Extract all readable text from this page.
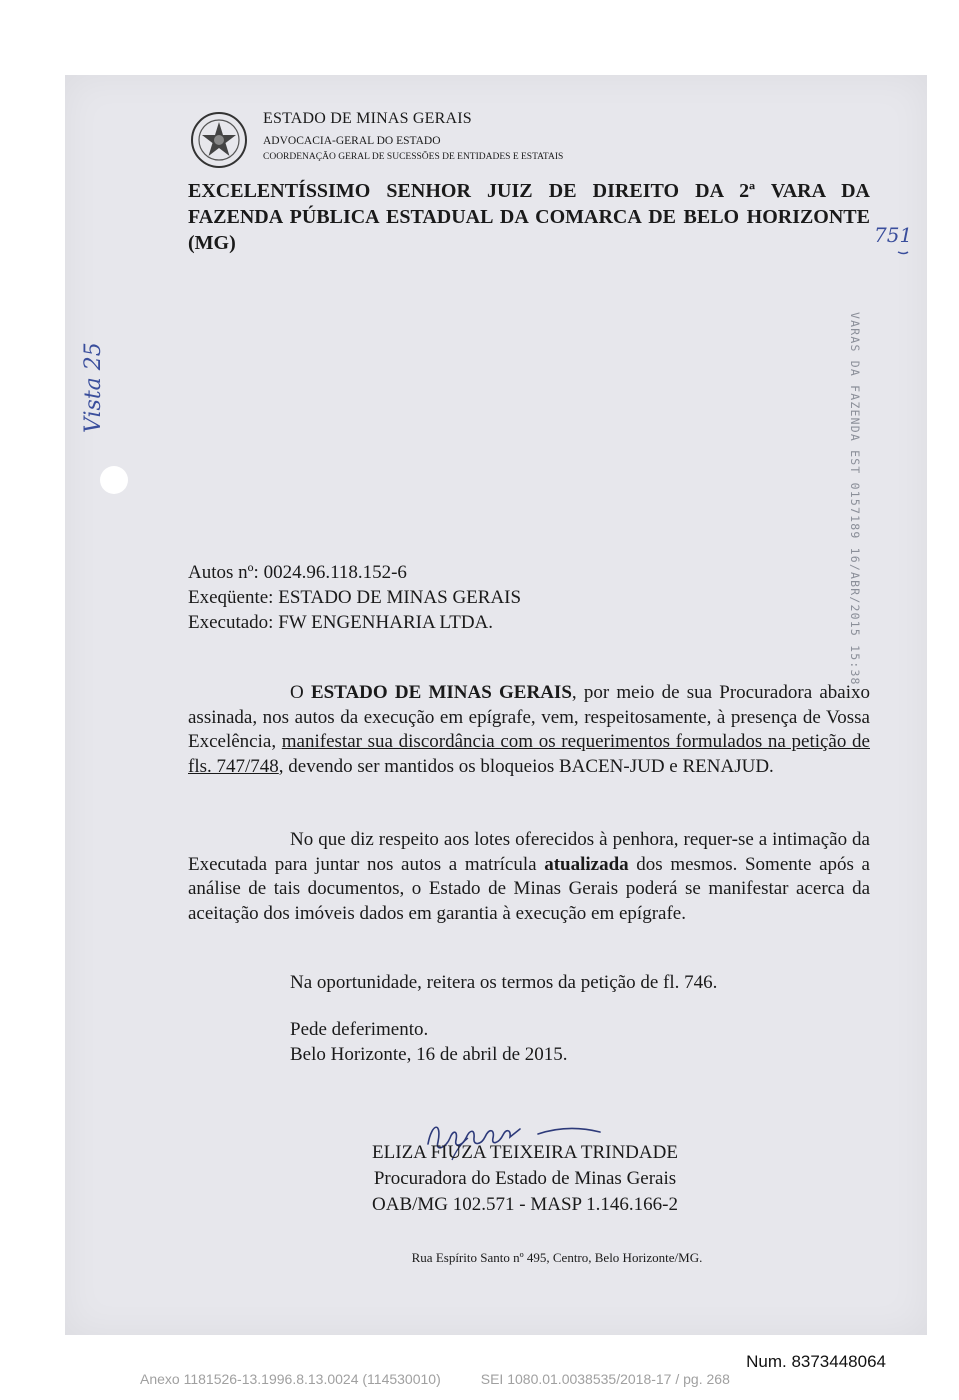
ESTADO DE MINAS GERAIS
ADVOCACIA-GERAL DO ESTADO
COORDENAÇÃO GERAL DE SUCESSÕES DE ENTIDADES E ESTATAIS
EXCELENTÍSSIMO SENHOR JUIZ DE DIREITO DA 2ª VARA DA FAZENDA PÚBLICA ESTADUAL DA COMARCA DE BELO HORIZONTE (MG)	751
Vista 25	VARAS DA FAZENDA EST 0157189 16/ABR/2015 15:38
Autos nº: 0024.96.118.152-6
Exeqüente: ESTADO DE MINAS GERAIS
Executado: FW ENGENHARIA LTDA.
O ESTADO DE MINAS GERAIS, por meio de sua Procuradora abaixo assinada, nos autos da execução em epígrafe, vem, respeitosamente, à presença de Vossa Excelência, manifestar sua discordância com os requerimentos formulados na petição de fls. 747/748, devendo ser mantidos os bloqueios BACEN-JUD e RENAJUD.
No que diz respeito aos lotes oferecidos à penhora, requer-se a intimação da Executada para juntar nos autos a matrícula atualizada dos mesmos. Somente após a análise de tais documentos, o Estado de Minas Gerais poderá se manifestar acerca da aceitação dos imóveis dados em garantia à execução em epígrafe.
Na oportunidade, reitera os termos da petição de fl. 746.
Pede deferimento.
Belo Horizonte, 16 de abril de 2015.
ELIZA FIUZA TEIXEIRA TRINDADE
Procuradora do Estado de Minas Gerais
OAB/MG 102.571 - MASP 1.146.166-2
Rua Espírito Santo nº 495, Centro, Belo Horizonte/MG.
Num. 8373448064
Anexo 1181526-13.1996.8.13.0024 (114530010)	SEI 1080.01.0038535/2018-17 / pg. 268
